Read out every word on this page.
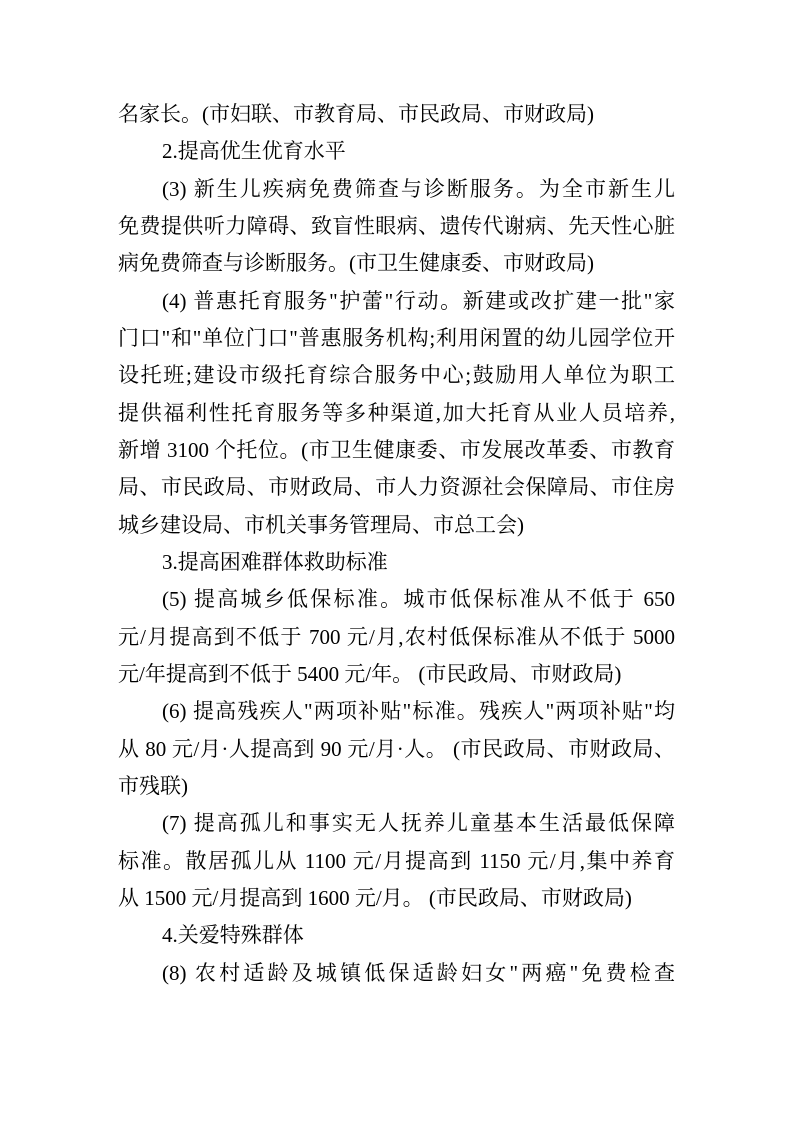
名家长。(市妇联、市教育局、市民政局、市财政局)
2.提高优生优育水平
(3) 新生儿疾病免费筛查与诊断服务。为全市新生儿
免费提供听力障碍、致盲性眼病、遗传代谢病、先天性心脏
病免费筛查与诊断服务。(市卫生健康委、市财政局)
(4) 普惠托育服务"护蕾"行动。新建或改扩建一批"家
门口"和"单位门口"普惠服务机构;利用闲置的幼儿园学位开
设托班;建设市级托育综合服务中心;鼓励用人单位为职工
提供福利性托育服务等多种渠道,加大托育从业人员培养,
新增 3100 个托位。(市卫生健康委、市发展改革委、市教育
局、市民政局、市财政局、市人力资源社会保障局、市住房
城乡建设局、市机关事务管理局、市总工会)
3.提高困难群体救助标准
(5) 提高城乡低保标准。城市低保标准从不低于 650
元/月提高到不低于 700 元/月,农村低保标准从不低于 5000
元/年提高到不低于 5400 元/年。 (市民政局、市财政局)
(6) 提高残疾人"两项补贴"标准。残疾人"两项补贴"均
从 80 元/月·人提高到 90 元/月·人。 (市民政局、市财政局、
市残联)
(7) 提高孤儿和事实无人抚养儿童基本生活最低保障
标准。散居孤儿从 1100 元/月提高到 1150 元/月,集中养育
从 1500 元/月提高到 1600 元/月。 (市民政局、市财政局)
4.关爱特殊群体
(8) 农村适龄及城镇低保适龄妇女"两癌"免费检查
